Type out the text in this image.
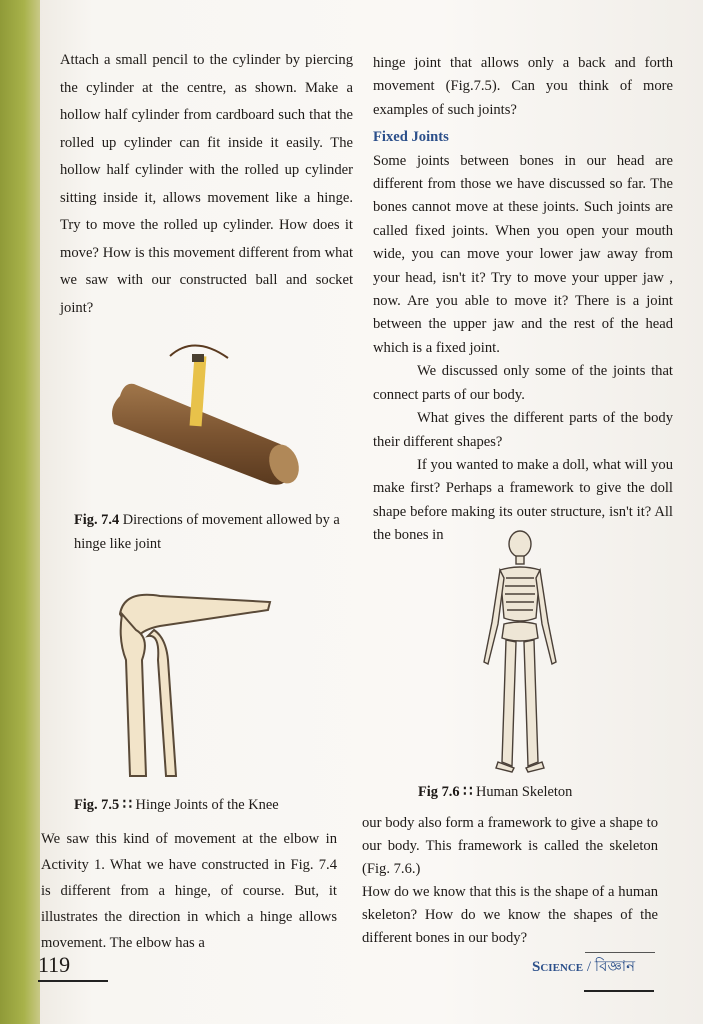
Attach a small pencil to the cylinder by piercing the cylinder at the centre, as shown. Make a hollow half cylinder from cardboard such that the rolled up cylinder can fit inside it easily. The hollow half cylinder with the rolled up cylinder sitting inside it, allows movement like a hinge. Try to move the rolled up cylinder. How does it move? How is this movement different from what we saw with our constructed ball and socket joint?

Fig. 7.4 Directions of movement allowed by a hinge like joint
Fig. 7.5 ∷ Hinge Joints of the Knee

We saw this kind of movement at the elbow in Activity 1. What we have constructed in Fig. 7.4 is different from a hinge, of course. But, it illustrates the direction in which a hinge allows movement. The elbow has a

hinge joint that allows only a back and forth movement (Fig.7.5). Can you think of more examples of such joints?

Fixed Joints

Some joints between bones in our head are different from those we have discussed so far. The bones cannot move at these joints. Such joints are called fixed joints. When you open your mouth wide, you can move your lower jaw away from your head, isn't it? Try to move your upper jaw , now. Are you able to move it? There is a joint between the upper jaw and the rest of the head which is a fixed joint.

We discussed only some of the joints that connect parts of our body.

What gives the different parts of the body their different shapes?

If you wanted to make a doll, what will you make first? Perhaps a framework to give the doll shape before making its outer structure, isn't it? All the bones in

Fig 7.6 ∷ Human Skeleton

our body also form a framework to give a shape to our body. This framework is called the skeleton (Fig. 7.6.)

How do we know that this is the shape of a human skeleton? How do we know the shapes of the different bones in our body?

119	Science / বিজ্ঞান
